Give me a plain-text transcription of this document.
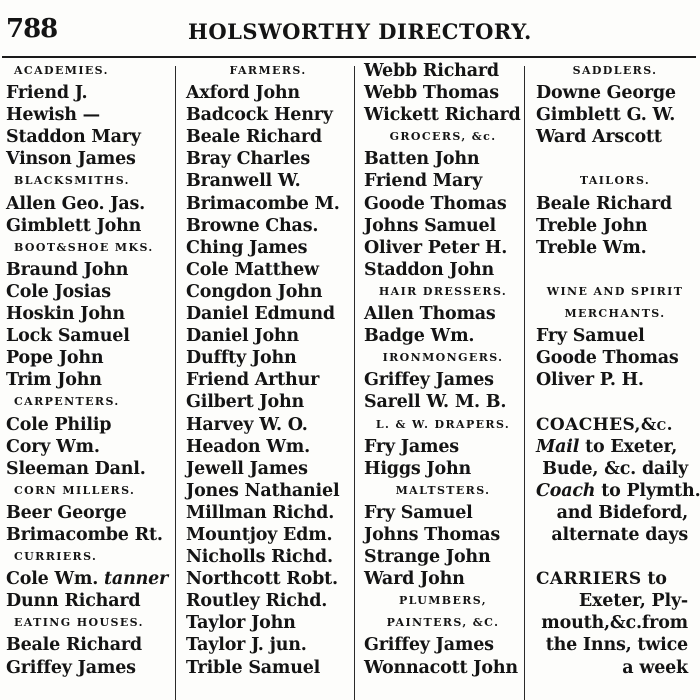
788	HOLSWORTHY DIRECTORY.
ACADEMIES.
Friend J.
Hewish —
Staddon Mary
Vinson James
BLACKSMITHS.
Allen Geo. Jas.
Gimblett John
BOOT&SHOE MKS.
Braund John
Cole Josias
Hoskin John
Lock Samuel
Pope John
Trim John
CARPENTERS.
Cole Philip
Cory Wm.
Sleeman Danl.
CORN MILLERS.
Beer George
Brimacombe Rt.
CURRIERS.
Cole Wm. tanner
Dunn Richard
EATING HOUSES.
Beale Richard
Griffey James
FARMERS.
Axford John
Badcock Henry
Beale Richard
Bray Charles
Branwell W.
Brimacombe M.
Browne Chas.
Ching James
Cole Matthew
Congdon John
Daniel Edmund
Daniel John
Duffty John
Friend Arthur
Gilbert John
Harvey W. O.
Headon Wm.
Jewell James
Jones Nathaniel
Millman Richd.
Mountjoy Edm.
Nicholls Richd.
Northcott Robt.
Routley Richd.
Taylor John
Taylor J. jun.
Trible Samuel
Webb Richard
Webb Thomas
Wickett Richard
GROCERS, &c.
Batten John
Friend Mary
Goode Thomas
Johns Samuel
Oliver Peter H.
Staddon John
HAIR DRESSERS.
Allen Thomas
Badge Wm.
IRONMONGERS.
Griffey James
Sarell W. M. B.
L. & W. DRAPERS.
Fry James
Higgs John
MALTSTERS.
Fry Samuel
Johns Thomas
Strange John
Ward John
PLUMBERS,
PAINTERS, &C.
Griffey James
Wonnacott John
SADDLERS.
Downe George
Gimblett G. W.
Ward Arscott
TAILORS.
Beale Richard
Treble John
Treble Wm.
WINE AND SPIRIT
MERCHANTS.
Fry Samuel
Goode Thomas
Oliver P. H.
COACHES,&c.
Mail to Exeter,
Bude, &c. daily
Coach to Plymth.
and Bideford,
alternate days
CARRIERS to
Exeter, Ply-
mouth,&c.from
the Inns, twice
a week
